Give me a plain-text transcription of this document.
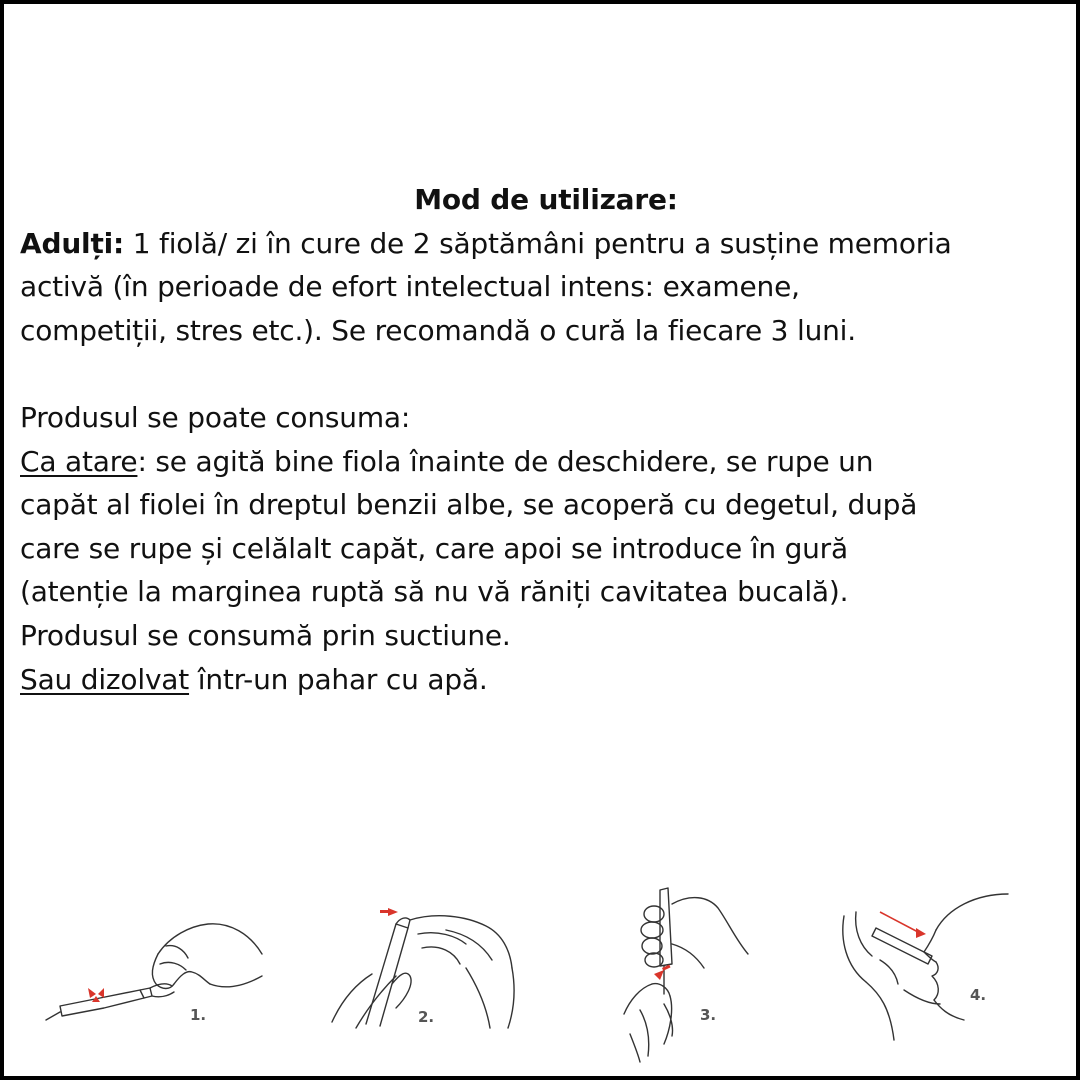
Mod de utilizare:
Adulți: 1 fiolă/ zi în cure de 2 săptămâni pentru a susține memoria
activă (în perioade de efort intelectual intens: examene,
competiții, stres etc.). Se recomandă o cură la fiecare 3 luni.
Produsul se poate consuma:
Ca atare: se agită bine fiola înainte de deschidere, se rupe un
capăt al fiolei în dreptul benzii albe, se acoperă cu degetul, după
care se rupe și celălalt capăt, care apoi se introduce în gură
(atenție la marginea ruptă să nu vă răniți cavitatea bucală).
Produsul se consumă prin suctiune.
Sau dizolvat într-un pahar cu apă.
1.	2.	3.
4.
